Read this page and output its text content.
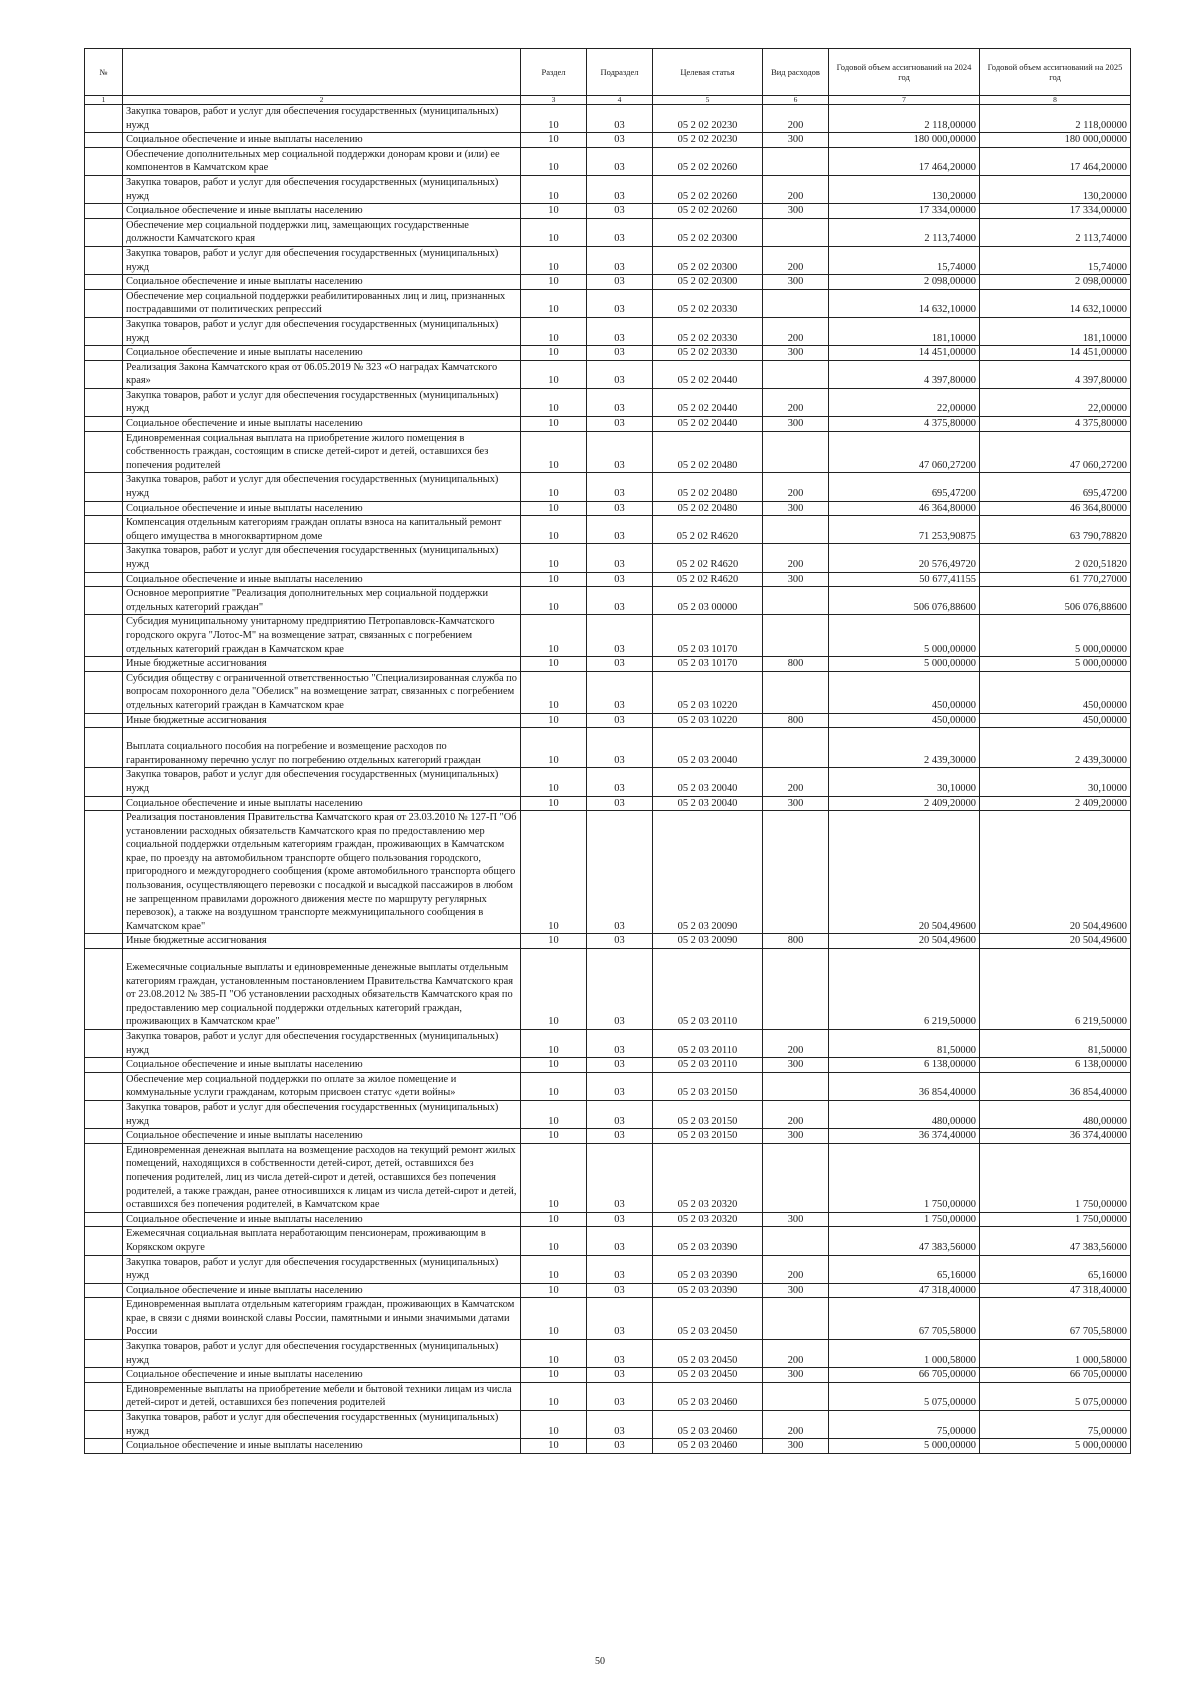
№		Раздел	Подраздел	Целевая статья	Вид расходов	Годовой объем ассигнований на 2024 год	Годовой объем ассигнований на 2025 год
1	2	3	4	5	6	7	8
	Закупка товаров, работ и услуг для обеспечения государственных (муниципальных) нужд	10	03	05 2 02 20230	200	2 118,00000	2 118,00000
	Социальное обеспечение и иные выплаты населению	10	03	05 2 02 20230	300	180 000,00000	180 000,00000
	Обеспечение дополнительных мер социальной поддержки донорам крови и (или) ее компонентов в Камчатском крае	10	03	05 2 02 20260		17 464,20000	17 464,20000
	Закупка товаров, работ и услуг для обеспечения государственных (муниципальных) нужд	10	03	05 2 02 20260	200	130,20000	130,20000
	Социальное обеспечение и иные выплаты населению	10	03	05 2 02 20260	300	17 334,00000	17 334,00000
	Обеспечение мер социальной поддержки лиц, замещающих государственные должности Камчатского края	10	03	05 2 02 20300		2 113,74000	2 113,74000
	Закупка товаров, работ и услуг для обеспечения государственных (муниципальных) нужд	10	03	05 2 02 20300	200	15,74000	15,74000
	Социальное обеспечение и иные выплаты населению	10	03	05 2 02 20300	300	2 098,00000	2 098,00000
	Обеспечение мер социальной поддержки реабилитированных лиц и лиц, признанных пострадавшими от политических репрессий	10	03	05 2 02 20330		14 632,10000	14 632,10000
	Закупка товаров, работ и услуг для обеспечения государственных (муниципальных) нужд	10	03	05 2 02 20330	200	181,10000	181,10000
	Социальное обеспечение и иные выплаты населению	10	03	05 2 02 20330	300	14 451,00000	14 451,00000
	Реализация Закона Камчатского края от 06.05.2019 № 323 «О наградах Камчатского края»	10	03	05 2 02 20440		4 397,80000	4 397,80000
	Закупка товаров, работ и услуг для обеспечения государственных (муниципальных) нужд	10	03	05 2 02 20440	200	22,00000	22,00000
	Социальное обеспечение и иные выплаты населению	10	03	05 2 02 20440	300	4 375,80000	4 375,80000
	Единовременная социальная выплата на приобретение жилого помещения в собственность граждан, состоящим в списке детей-сирот и детей, оставшихся без попечения родителей	10	03	05 2 02 20480		47 060,27200	47 060,27200
	Закупка товаров, работ и услуг для обеспечения государственных (муниципальных) нужд	10	03	05 2 02 20480	200	695,47200	695,47200
	Социальное обеспечение и иные выплаты населению	10	03	05 2 02 20480	300	46 364,80000	46 364,80000
	Компенсация отдельным категориям граждан оплаты взноса на капитальный ремонт общего имущества в многоквартирном доме	10	03	05 2 02 R4620		71 253,90875	63 790,78820
	Закупка товаров, работ и услуг для обеспечения государственных (муниципальных) нужд	10	03	05 2 02 R4620	200	20 576,49720	2 020,51820
	Социальное обеспечение и иные выплаты населению	10	03	05 2 02 R4620	300	50 677,41155	61 770,27000
	Основное мероприятие "Реализация дополнительных мер социальной поддержки отдельных категорий граждан"	10	03	05 2 03 00000		506 076,88600	506 076,88600
	Субсидия муниципальному унитарному предприятию Петропавловск-Камчатского городского округа "Лотос-М" на возмещение затрат, связанных с погребением отдельных категорий граждан в Камчатском крае	10	03	05 2 03 10170		5 000,00000	5 000,00000
	Иные бюджетные ассигнования	10	03	05 2 03 10170	800	5 000,00000	5 000,00000
	Субсидия обществу с ограниченной ответственностью "Специализированная служба по вопросам похоронного дела "Обелиск" на возмещение затрат, связанных с погребением отдельных категорий граждан в Камчатском крае	10	03	05 2 03 10220		450,00000	450,00000
	Иные бюджетные ассигнования	10	03	05 2 03 10220	800	450,00000	450,00000
	Выплата социального пособия на погребение и возмещение расходов по гарантированному перечню услуг по погребению отдельных категорий граждан	10	03	05 2 03 20040		2 439,30000	2 439,30000
	Закупка товаров, работ и услуг для обеспечения государственных (муниципальных) нужд	10	03	05 2 03 20040	200	30,10000	30,10000
	Социальное обеспечение и иные выплаты населению	10	03	05 2 03 20040	300	2 409,20000	2 409,20000
	Реализация постановления Правительства Камчатского края от 23.03.2010 № 127-П "Об установлении расходных обязательств Камчатского края по предоставлению мер социальной поддержки отдельным категориям граждан, проживающих в Камчатском крае, по проезду на автомобильном транспорте общего пользования городского, пригородного и междугороднего сообщения (кроме автомобильного транспорта общего пользования, осуществляющего перевозки с посадкой и высадкой пассажиров в любом не запрещенном правилами дорожного движения месте по маршруту регулярных перевозок), а также на воздушном транспорте межмуниципального сообщения в Камчатском крае"	10	03	05 2 03 20090		20 504,49600	20 504,49600
	Иные бюджетные ассигнования	10	03	05 2 03 20090	800	20 504,49600	20 504,49600
	Ежемесячные социальные выплаты и единовременные денежные выплаты отдельным категориям граждан, установленным постановлением Правительства Камчатского края от 23.08.2012 № 385-П "Об установлении расходных обязательств Камчатского края по предоставлению мер социальной поддержки отдельных категорий граждан, проживающих в Камчатском крае"	10	03	05 2 03 20110		6 219,50000	6 219,50000
	Закупка товаров, работ и услуг для обеспечения государственных (муниципальных) нужд	10	03	05 2 03 20110	200	81,50000	81,50000
	Социальное обеспечение и иные выплаты населению	10	03	05 2 03 20110	300	6 138,00000	6 138,00000
	Обеспечение мер социальной поддержки по оплате за жилое помещение и коммунальные услуги гражданам, которым присвоен статус «дети войны»	10	03	05 2 03 20150		36 854,40000	36 854,40000
	Закупка товаров, работ и услуг для обеспечения государственных (муниципальных) нужд	10	03	05 2 03 20150	200	480,00000	480,00000
	Социальное обеспечение и иные выплаты населению	10	03	05 2 03 20150	300	36 374,40000	36 374,40000
	Единовременная денежная выплата на возмещение расходов на текущий ремонт жилых помещений, находящихся в собственности детей-сирот, детей, оставшихся без попечения родителей, лиц из числа детей-сирот и детей, оставшихся без попечения родителей, а также граждан, ранее относившихся к лицам из числа детей-сирот и детей, оставшихся без попечения родителей, в Камчатском крае	10	03	05 2 03 20320		1 750,00000	1 750,00000
	Социальное обеспечение и иные выплаты населению	10	03	05 2 03 20320	300	1 750,00000	1 750,00000
	Ежемесячная социальная выплата неработающим пенсионерам, проживающим в Корякском округе	10	03	05 2 03 20390		47 383,56000	47 383,56000
	Закупка товаров, работ и услуг для обеспечения государственных (муниципальных) нужд	10	03	05 2 03 20390	200	65,16000	65,16000
	Социальное обеспечение и иные выплаты населению	10	03	05 2 03 20390	300	47 318,40000	47 318,40000
	Единовременная выплата отдельным категориям граждан, проживающих в Камчатском крае, в связи с днями воинской славы России, памятными и иными значимыми датами России	10	03	05 2 03 20450		67 705,58000	67 705,58000
	Закупка товаров, работ и услуг для обеспечения государственных (муниципальных) нужд	10	03	05 2 03 20450	200	1 000,58000	1 000,58000
	Социальное обеспечение и иные выплаты населению	10	03	05 2 03 20450	300	66 705,00000	66 705,00000
	Единовременные выплаты на приобретение мебели и бытовой техники лицам из числа детей-сирот и детей, оставшихся без попечения родителей	10	03	05 2 03 20460		5 075,00000	5 075,00000
	Закупка товаров, работ и услуг для обеспечения государственных (муниципальных) нужд	10	03	05 2 03 20460	200	75,00000	75,00000
	Социальное обеспечение и иные выплаты населению	10	03	05 2 03 20460	300	5 000,00000	5 000,00000
50
